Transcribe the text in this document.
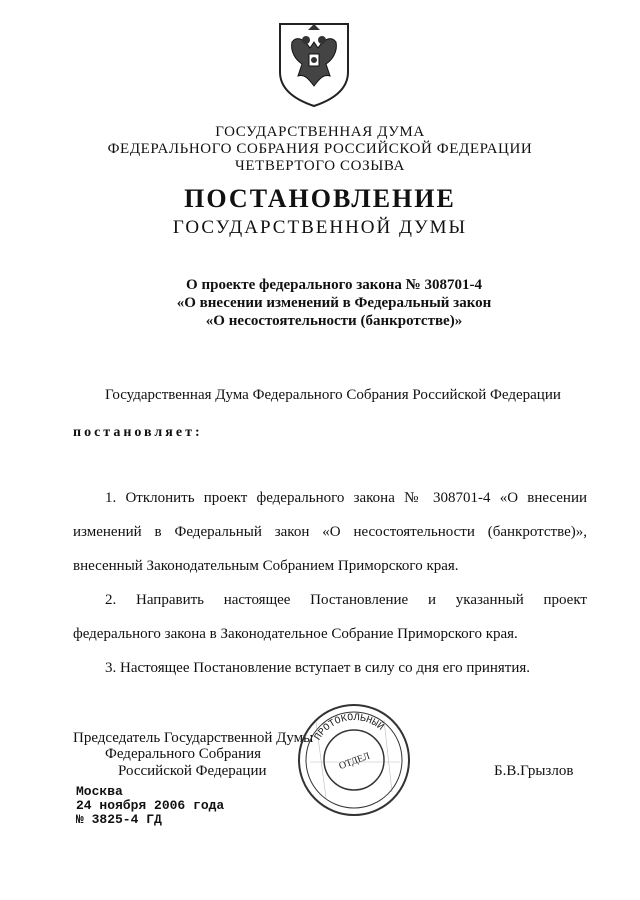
ГОСУДАРСТВЕННАЯ ДУМА
ФЕДЕРАЛЬНОГО СОБРАНИЯ РОССИЙСКОЙ ФЕДЕРАЦИИ
ЧЕТВЕРТОГО СОЗЫВА
ПОСТАНОВЛЕНИЕ
ГОСУДАРСТВЕННОЙ ДУМЫ
О проекте федерального закона № 308701-4
«О внесении изменений в Федеральный закон
«О несостоятельности (банкротстве)»
Государственная Дума Федерального Собрания Российской Федерации
постановляет:
1. Отклонить проект федерального закона № 308701-4 «О внесении
изменений в Федеральный закон «О несостоятельности (банкротстве)»,
внесенный Законодательным Собранием Приморского края.
2. Направить настоящее Постановление и указанный проект
федерального закона в Законодательное Собрание Приморского края.
3. Настоящее Постановление вступает в силу со дня его принятия.
Председатель Государственной Думы
Федерального Собрания
Российской Федерации	Б.В.Грызлов
ПРОТОКОЛЬНЫЙ
ОТДЕЛ
Москва
24 ноября 2006 года
№ 3825-4 ГД
